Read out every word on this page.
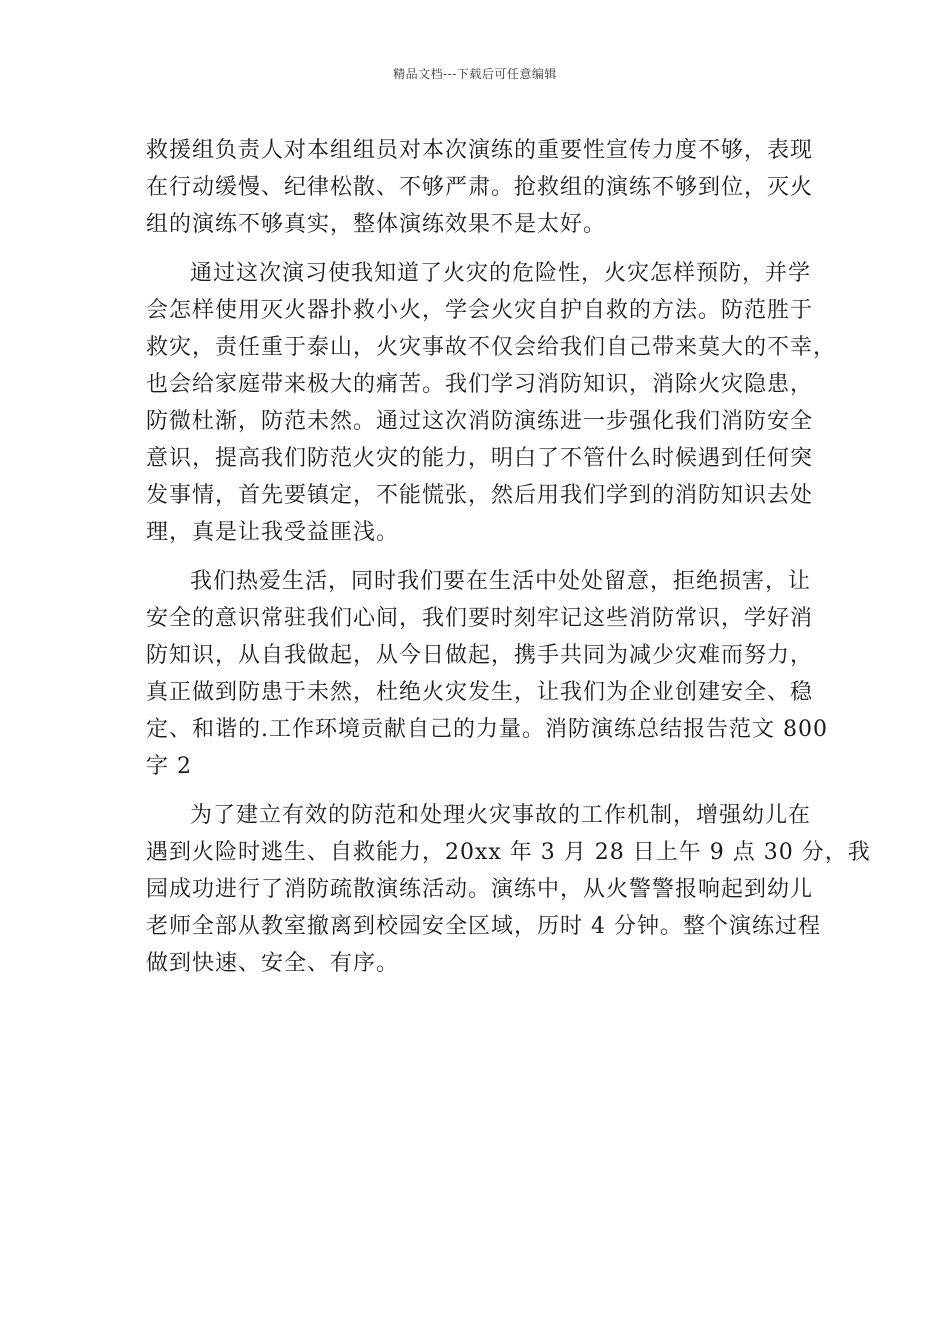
精品文档---下载后可任意编辑
救援组负责人对本组组员对本次演练的重要性宣传力度不够，表现
在行动缓慢、纪律松散、不够严肃。抢救组的演练不够到位，灭火
组的演练不够真实，整体演练效果不是太好。
通过这次演习使我知道了火灾的危险性，火灾怎样预防，并学
会怎样使用灭火器扑救小火，学会火灾自护自救的方法。防范胜于
救灾，责任重于泰山，火灾事故不仅会给我们自己带来莫大的不幸，
也会给家庭带来极大的痛苦。我们学习消防知识，消除火灾隐患，
防微杜渐，防范未然。通过这次消防演练进一步强化我们消防安全
意识，提高我们防范火灾的能力，明白了不管什么时候遇到任何突
发事情，首先要镇定，不能慌张，然后用我们学到的消防知识去处
理，真是让我受益匪浅。
我们热爱生活，同时我们要在生活中处处留意，拒绝损害，让
安全的意识常驻我们心间，我们要时刻牢记这些消防常识，学好消
防知识，从自我做起，从今日做起，携手共同为减少灾难而努力，
真正做到防患于未然，杜绝火灾发生，让我们为企业创建安全、稳
定、和谐的.工作环境贡献自己的力量。消防演练总结报告范文 800
字 2
为了建立有效的防范和处理火灾事故的工作机制，增强幼儿在
遇到火险时逃生、自救能力，20xx 年 3 月 28 日上午 9 点 30 分，我
园成功进行了消防疏散演练活动。演练中，从火警警报响起到幼儿
老师全部从教室撤离到校园安全区域，历时 4 分钟。整个演练过程
做到快速、安全、有序。
